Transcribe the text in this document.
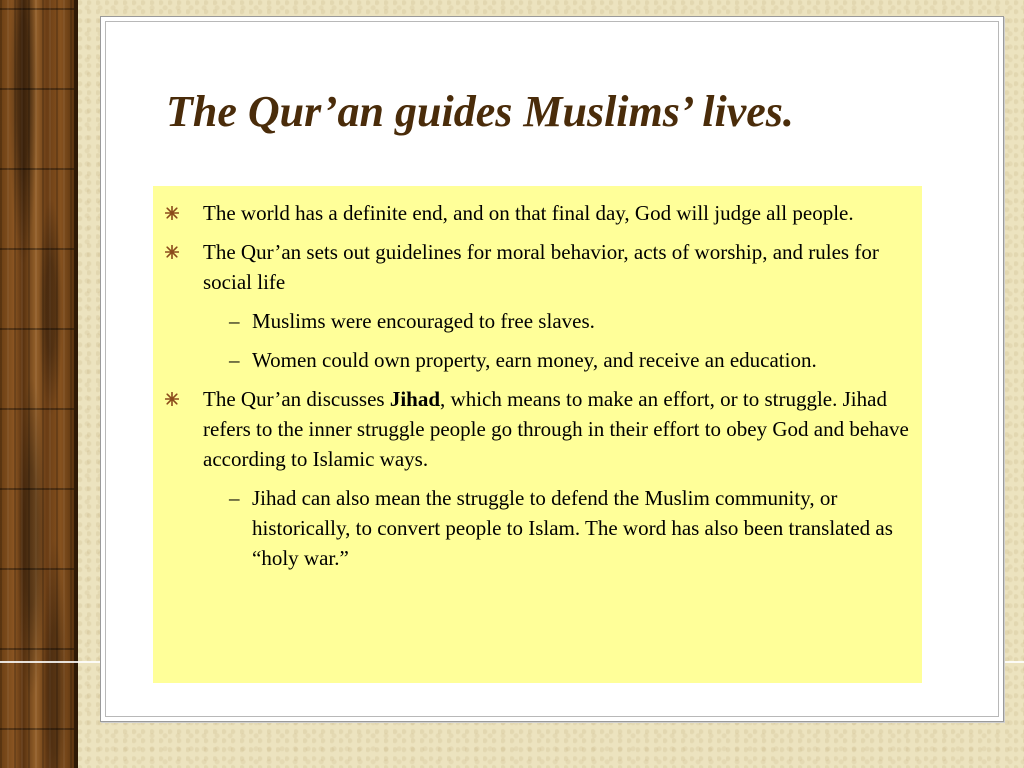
The Qur’an guides Muslims’ lives.
The world has a definite end, and on that final day, God will judge all people.
The Qur’an sets out guidelines for moral behavior, acts of worship, and rules for social life
– Muslims were encouraged to free slaves.
– Women could own property, earn money, and receive an education.
The Qur’an discusses Jihad, which means to make an effort, or to struggle. Jihad refers to the inner struggle people go through in their effort to obey God and behave according to Islamic ways.
– Jihad can also mean the struggle to defend the Muslim community, or historically, to convert people to Islam. The word has also been translated as “holy war.”
